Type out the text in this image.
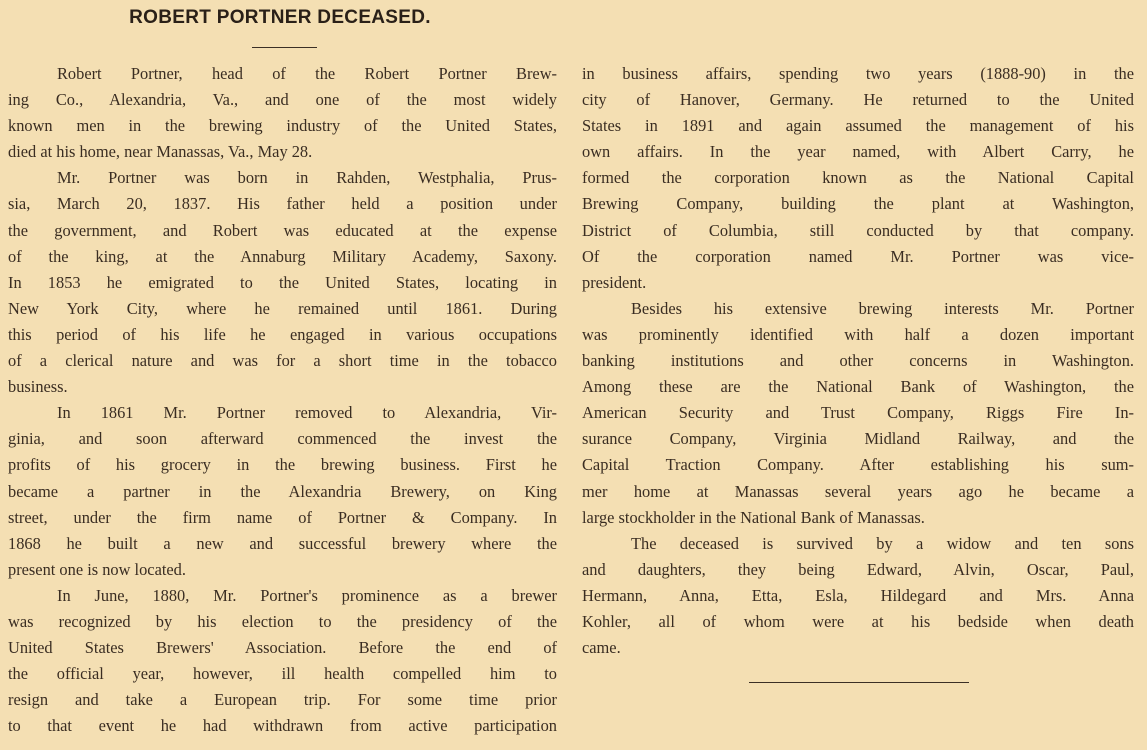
ROBERT PORTNER DECEASED.
Robert Portner, head of the Robert Portner Brew-
ing Co., Alexandria, Va., and one of the most widely
known men in the brewing industry of the United States,
died at his home, near Manassas, Va., May 28.
Mr. Portner was born in Rahden, Westphalia, Prus-
sia, March 20, 1837. His father held a position under
the government, and Robert was educated at the expense
of the king, at the Annaburg Military Academy, Saxony.
In 1853 he emigrated to the United States, locating in
New York City, where he remained until 1861. During
this period of his life he engaged in various occupations
of a clerical nature and was for a short time in the tobacco
business.
In 1861 Mr. Portner removed to Alexandria, Vir-
ginia, and soon afterward commenced the invest the
profits of his grocery in the brewing business. First he
became a partner in the Alexandria Brewery, on King
street, under the firm name of Portner & Company. In
1868 he built a new and successful brewery where the
present one is now located.
In June, 1880, Mr. Portner's prominence as a brewer
was recognized by his election to the presidency of the
United States Brewers' Association. Before the end of
the official year, however, ill health compelled him to
resign and take a European trip. For some time prior
to that event he had withdrawn from active participation
in business affairs, spending two years (1888-90) in the
city of Hanover, Germany. He returned to the United
States in 1891 and again assumed the management of his
own affairs. In the year named, with Albert Carry, he
formed the corporation known as the National Capital
Brewing Company, building the plant at Washington,
District of Columbia, still conducted by that company.
Of the corporation named Mr. Portner was vice-
president.
Besides his extensive brewing interests Mr. Portner
was prominently identified with half a dozen important
banking institutions and other concerns in Washington.
Among these are the National Bank of Washington, the
American Security and Trust Company, Riggs Fire In-
surance Company, Virginia Midland Railway, and the
Capital Traction Company. After establishing his sum-
mer home at Manassas several years ago he became a
large stockholder in the National Bank of Manassas.
The deceased is survived by a widow and ten sons
and daughters, they being Edward, Alvin, Oscar, Paul,
Hermann, Anna, Etta, Esla, Hildegard and Mrs. Anna
Kohler, all of whom were at his bedside when death
came.
